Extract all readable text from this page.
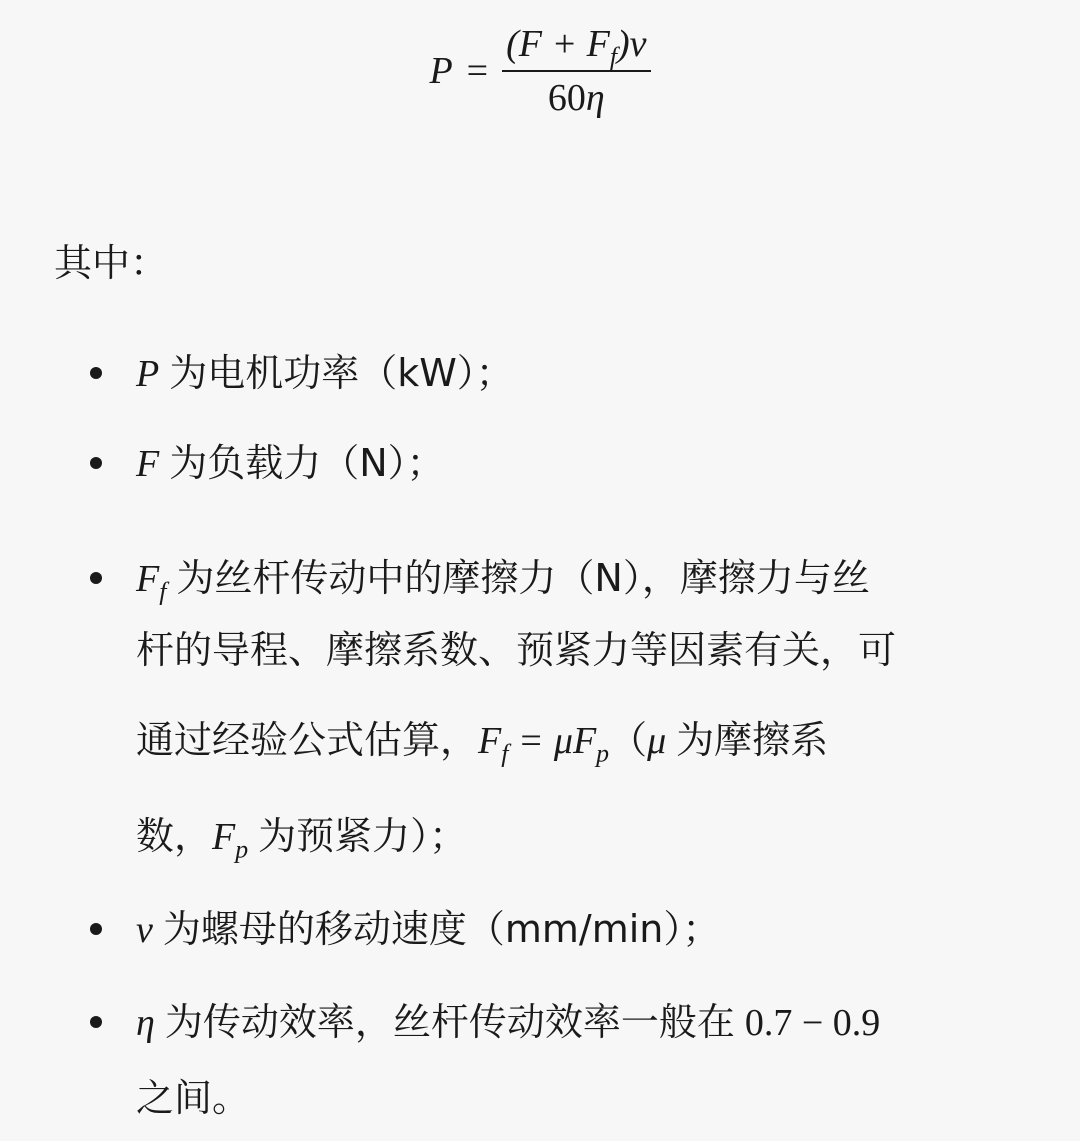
$P = \frac{(F + F_f)v}{60\eta}$
其中：
P 为电机功率（kW）；
F 为负载力（N）；
$F_f$ 为丝杆传动中的摩擦力（N），摩擦力与丝
杆的导程、摩擦系数、预紧力等因素有关，可
通过经验公式估算，$F_f = \mu F_p(\mu$ 为摩擦系
数，$F_p$ 为预紧力）；
v 为螺母的移动速度（mm/min）；
η 为传动效率，丝杆传动效率一般在 0.7 − 0.9
之间。
